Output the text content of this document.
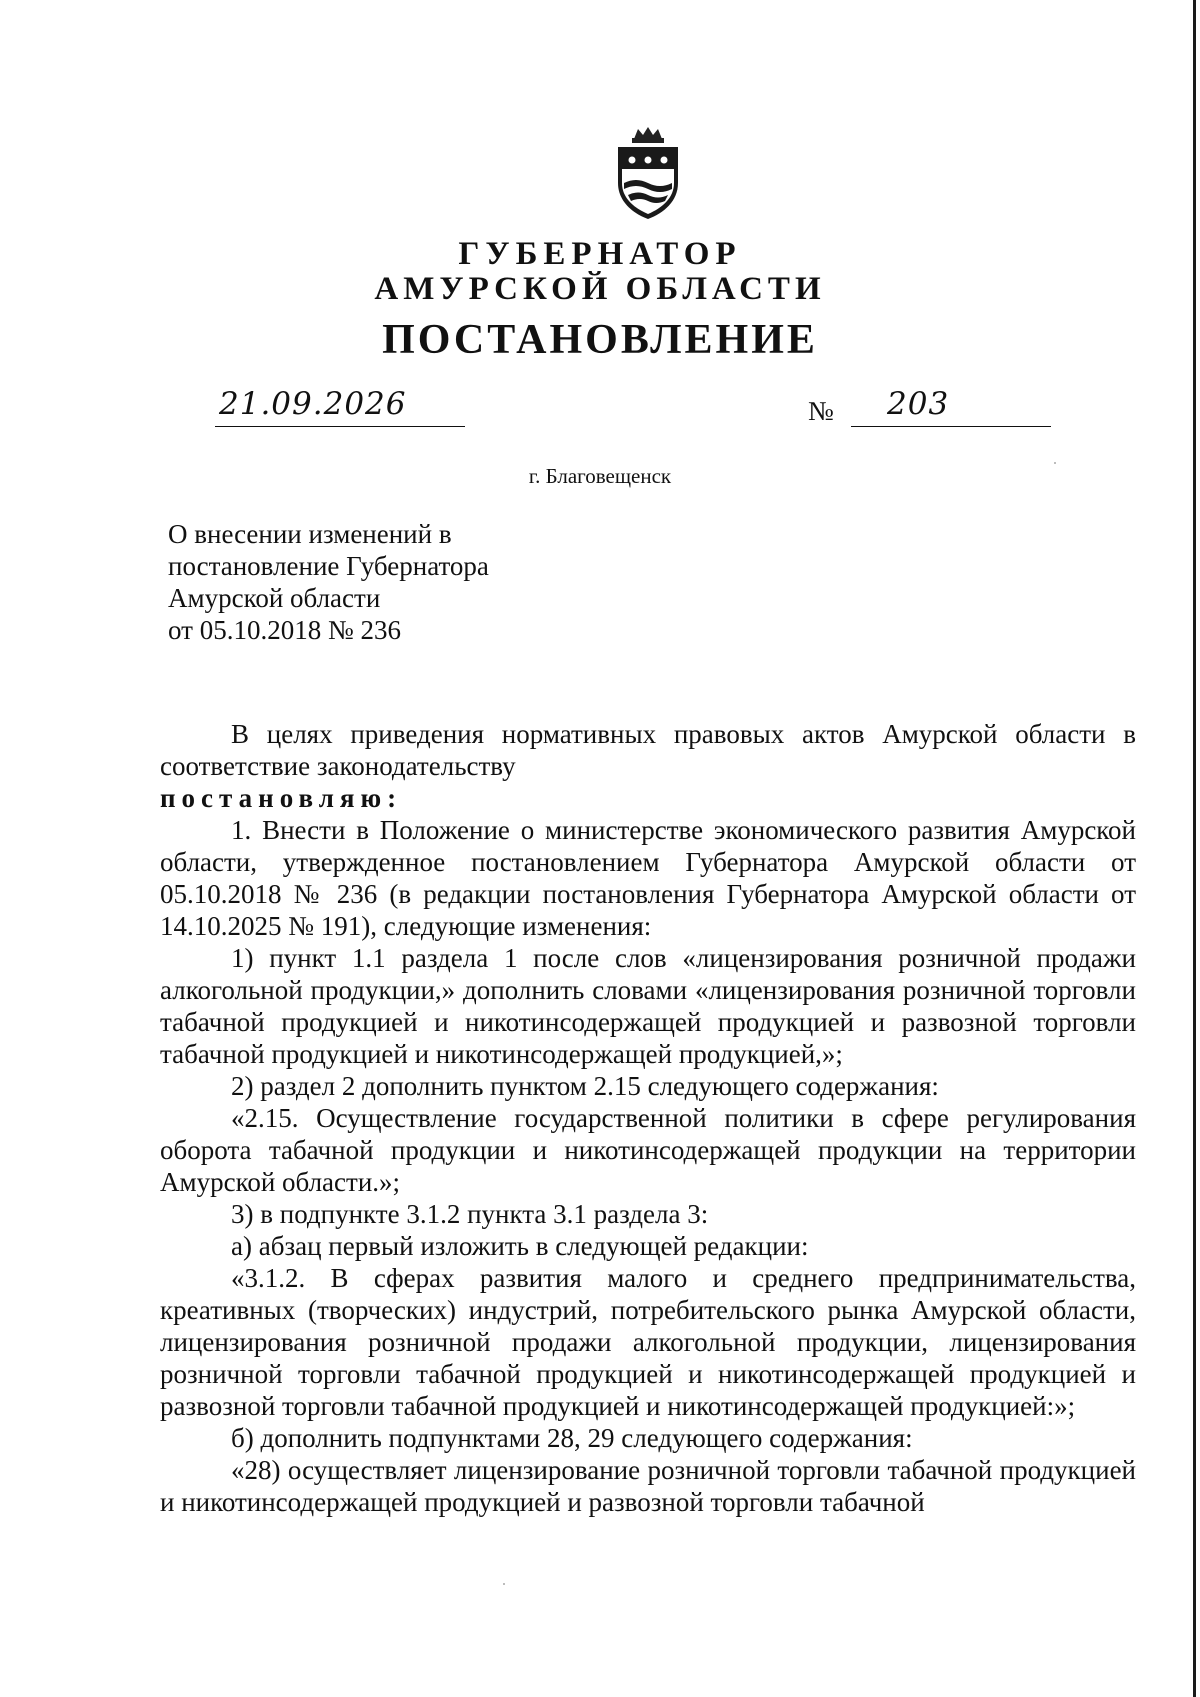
ГУБЕРНАТОР
АМУРСКОЙ ОБЛАСТИ
ПОСТАНОВЛЕНИЕ
21.09.2026	№ 203
г. Благовещенск
О внесении изменений в
постановление Губернатора
Амурской области
от 05.10.2018 № 236

В целях приведения нормативных правовых актов Амурской области в соответствие законодательству

постановляю:

1. Внести в Положение о министерстве экономического развития Амурской области, утвержденное постановлением Губернатора Амурской области от 05.10.2018 № 236 (в редакции постановления Губернатора Амурской области от 14.10.2025 № 191), следующие изменения:

1) пункт 1.1 раздела 1 после слов «лицензирования розничной продажи алкогольной продукции,» дополнить словами «лицензирования розничной торговли табачной продукцией и никотинсодержащей продукцией и развозной торговли табачной продукцией и никотинсодержащей продукцией,»;

2) раздел 2 дополнить пунктом 2.15 следующего содержания:

«2.15. Осуществление государственной политики в сфере регулирования оборота табачной продукции и никотинсодержащей продукции на территории Амурской области.»;

3) в подпункте 3.1.2 пункта 3.1 раздела 3:

а) абзац первый изложить в следующей редакции:

«3.1.2. В сферах развития малого и среднего предпринимательства, креативных (творческих) индустрий, потребительского рынка Амурской области, лицензирования розничной продажи алкогольной продукции, лицензирования розничной торговли табачной продукцией и никотинсодержащей продукцией и развозной торговли табачной продукцией и никотинсодержащей продукцией:»;

б) дополнить подпунктами 28, 29 следующего содержания:

«28) осуществляет лицензирование розничной торговли табачной продукцией и никотинсодержащей продукцией и развозной торговли табачной
